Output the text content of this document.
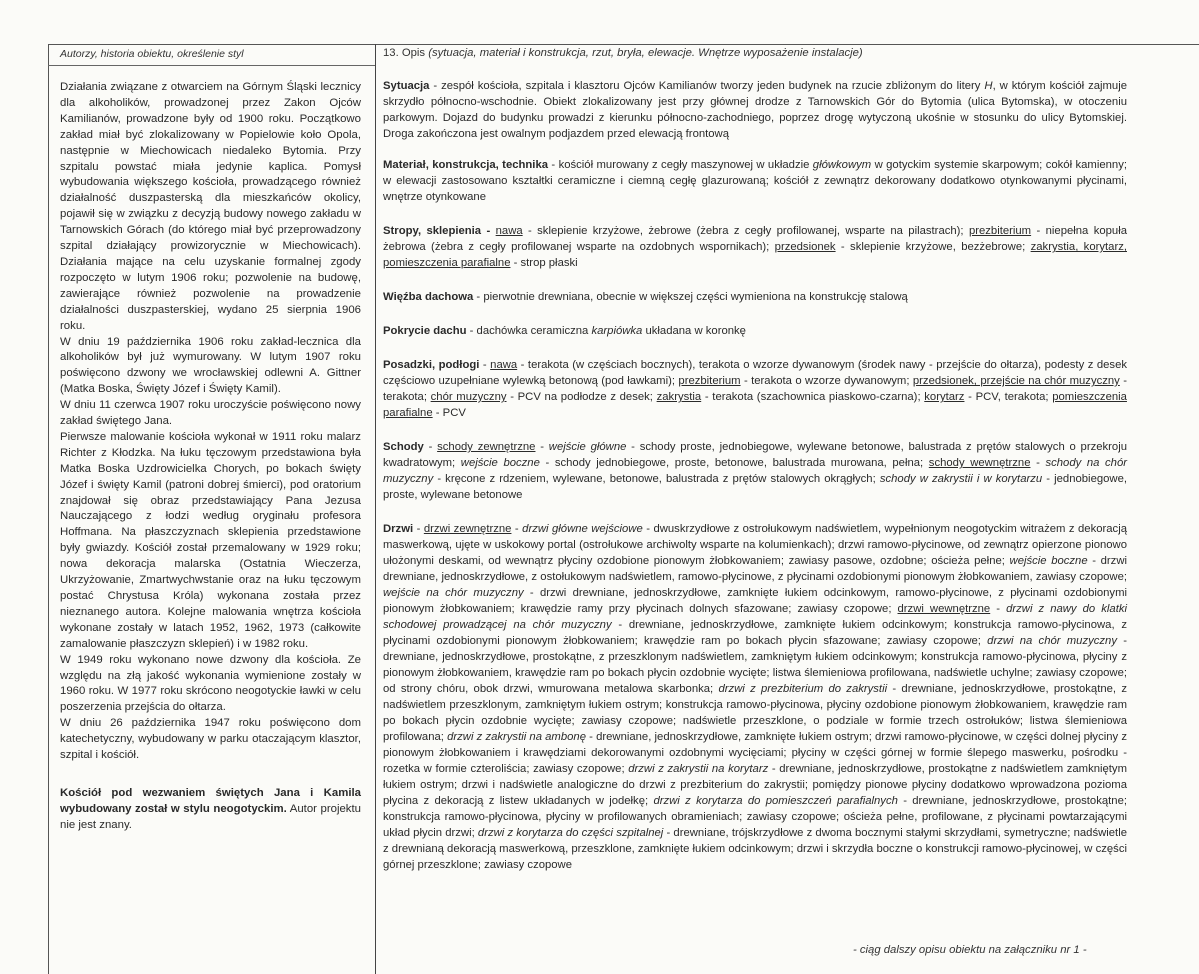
Autorzy, historia obiektu, określenie styl

Działania związane z otwarciem na Górnym Śląski lecznicy dla alkoholików, prowadzonej przez Zakon Ojców Kamilianów, prowadzone były od 1900 roku. Początkowo zakład miał być zlokalizowany w Popielowie koło Opola, następnie w Miechowicach niedaleko Bytomia. Przy szpitalu powstać miała jedynie kaplica. Pomysł wybudowania większego kościoła, prowadzącego również działalność duszpasterską dla mieszkańców okolicy, pojawił się w związku z decyzją budowy nowego zakładu w Tarnowskich Górach (do którego miał być przeprowadzony szpital działający prowizorycznie w Miechowicach). Działania mające na celu uzyskanie formalnej zgody rozpoczęto w lutym 1906 roku; pozwolenie na budowę, zawierające również pozwolenie na prowadzenie działalności duszpasterskiej, wydano 25 sierpnia 1906 roku.

W dniu 19 października 1906 roku zakład-lecznica dla alkoholików był już wymurowany. W lutym 1907 roku poświęcono dzwony we wrocławskiej odlewni A. Gittner (Matka Boska, Święty Józef i Święty Kamil).

W dniu 11 czerwca 1907 roku uroczyście poświęcono nowy zakład świętego Jana.

Pierwsze malowanie kościoła wykonał w 1911 roku malarz Richter z Kłodzka. Na łuku tęczowym przedstawiona była Matka Boska Uzdrowicielka Chorych, po bokach święty Józef i święty Kamil (patroni dobrej śmierci), pod oratorium znajdował się obraz przedstawiający Pana Jezusa Nauczającego z łodzi według oryginału profesora Hoffmana. Na płaszczyznach sklepienia przedstawione były gwiazdy. Kościół został przemalowany w 1929 roku; nowa dekoracja malarska (Ostatnia Wieczerza, Ukrzyżowanie, Zmartwychwstanie oraz na łuku tęczowym postać Chrystusa Króla) wykonana została przez nieznanego autora. Kolejne malowania wnętrza kościoła wykonane zostały w latach 1952, 1962, 1973 (całkowite zamalowanie płaszczyzn sklepień) i w 1982 roku.

W 1949 roku wykonano nowe dzwony dla kościoła. Ze względu na złą jakość wykonania wymienione zostały w 1960 roku. W 1977 roku skrócono neogotyckie ławki w celu poszerzenia przejścia do ołtarza.

W dniu 26 października 1947 roku poświęcono dom katechetyczny, wybudowany w parku otaczającym klasztor, szpital i kościół.

Kościół pod wezwaniem świętych Jana i Kamila wybudowany został w stylu neogotyckim. Autor projektu nie jest znany.

13. Opis (sytuacja, materiał i konstrukcja, rzut, bryła, elewacje. Wnętrze wyposażenie instalacje)

Sytuacja - zespół kościoła, szpitala i klasztoru Ojców Kamilianów tworzy jeden budynek na rzucie zbliżonym do litery H, w którym kościół zajmuje skrzydło północno-wschodnie. Obiekt zlokalizowany jest przy głównej drodze z Tarnowskich Gór do Bytomia (ulica Bytomska), w otoczeniu parkowym. Dojazd do budynku prowadzi z kierunku północno-zachodniego, poprzez drogę wytyczoną ukośnie w stosunku do ulicy Bytomskiej. Droga zakończona jest owalnym podjazdem przed elewacją frontową

Materiał, konstrukcja, technika - kościół murowany z cegły maszynowej w układzie główkowym w gotyckim systemie skarpowym; cokół kamienny; w elewacji zastosowano kształtki ceramiczne i ciemną cegłę glazurowaną; kościół z zewnątrz dekorowany dodatkowo otynkowanymi płycinami, wnętrze otynkowane

Stropy, sklepienia - nawa - sklepienie krzyżowe, żebrowe (żebra z cegły profilowanej, wsparte na pilastrach); prezbiterium - niepełna kopuła żebrowa (żebra z cegły profilowanej wsparte na ozdobnych wspornikach); przedsionek - sklepienie krzyżowe, bezżebrowe; zakrystia, korytarz, pomieszczenia parafialne - strop płaski

Więźba dachowa - pierwotnie drewniana, obecnie w większej części wymieniona na konstrukcję stalową

Pokrycie dachu - dachówka ceramiczna karpiówka układana w koronkę

Posadzki, podłogi - nawa - terakota (w częściach bocznych), terakota o wzorze dywanowym (środek nawy - przejście do ołtarza), podesty z desek częściowo uzupełniane wylewką betonową (pod ławkami); prezbiterium - terakota o wzorze dywanowym; przedsionek, przejście na chór muzyczny - terakota; chór muzyczny - PCV na podłodze z desek; zakrystia - terakota (szachownica piaskowo-czarna); korytarz - PCV, terakota; pomieszczenia parafialne - PCV

Schody - schody zewnętrzne - wejście główne - schody proste, jednobiegowe, wylewane betonowe, balustrada z prętów stalowych o przekroju kwadratowym; wejście boczne - schody jednobiegowe, proste, betonowe, balustrada murowana, pełna; schody wewnętrzne - schody na chór muzyczny - kręcone z rdzeniem, wylewane, betonowe, balustrada z prętów stalowych okrągłych; schody w zakrystii i w korytarzu - jednobiegowe, proste, wylewane betonowe

Drzwi - drzwi zewnętrzne - drzwi główne wejściowe - dwuskrzydłowe z ostrołukowym nadświetlem, wypełnionym neogotyckim witrażem z dekoracją maswerkową, ujęte w uskokowy portal (ostrołukowe archiwolty wsparte na kolumienkach); drzwi ramowo-płycinowe, od zewnątrz opierzone pionowo ułożonymi deskami, od wewnątrz płyciny ozdobione pionowym żłobkowaniem; zawiasy pasowe, ozdobne; ościeża pełne; wejście boczne - drzwi drewniane, jednoskrzydłowe, z ostołukowym nadświetlem, ramowo-płycinowe, z płycinami ozdobionymi pionowym żłobkowaniem, zawiasy czopowe; wejście na chór muzyczny - drzwi drewniane, jednoskrzydłowe, zamknięte łukiem odcinkowym, ramowo-płycinowe, z płycinami ozdobionymi pionowym żłobkowaniem; krawędzie ramy przy płycinach dolnych sfazowane; zawiasy czopowe; drzwi wewnętrzne - drzwi z nawy do klatki schodowej prowadzącej na chór muzyczny - drewniane, jednoskrzydłowe, zamknięte łukiem odcinkowym; konstrukcja ramowo-płycinowa, z płycinami ozdobionymi pionowym żłobkowaniem; krawędzie ram po bokach płycin sfazowane; zawiasy czopowe; drzwi na chór muzyczny - drewniane, jednoskrzydłowe, prostokątne, z przeszklonym nadświetlem, zamkniętym łukiem odcinkowym; konstrukcja ramowo-płycinowa, płyciny z pionowym żłobkowaniem, krawędzie ram po bokach płycin ozdobnie wycięte; listwa ślemieniowa profilowana, nadświetle uchylne; zawiasy czopowe; od strony chóru, obok drzwi, wmurowana metalowa skarbonka; drzwi z prezbiterium do zakrystii - drewniane, jednoskrzydłowe, prostokątne, z nadświetlem przeszklonym, zamkniętym łukiem ostrym; konstrukcja ramowo-płycinowa, płyciny ozdobione pionowym żłobkowaniem, krawędzie ram po bokach płycin ozdobnie wycięte; zawiasy czopowe; nadświetle przeszklone, o podziale w formie trzech ostrołuków; listwa ślemieniowa profilowana; drzwi z zakrystii na ambonę - drewniane, jednoskrzydłowe, zamknięte łukiem ostrym; drzwi ramowo-płycinowe, w części dolnej płyciny z pionowym żłobkowaniem i krawędziami dekorowanymi ozdobnymi wycięciami; płyciny w części górnej w formie ślepego maswerku, pośrodku - rozetka w formie czteroliścia; zawiasy czopowe; drzwi z zakrystii na korytarz - drewniane, jednoskrzydłowe, prostokątne z nadświetlem zamkniętym łukiem ostrym; drzwi i nadświetle analogiczne do drzwi z prezbiterium do zakrystii; pomiędzy pionowe płyciny dodatkowo wprowadzona pozioma płycina z dekoracją z listew układanych w jodełkę; drzwi z korytarza do pomieszczeń parafialnych - drewniane, jednoskrzydłowe, prostokątne; konstrukcja ramowo-płycinowa, płyciny w profilowanych obramieniach; zawiasy czopowe; ościeża pełne, profilowane, z płycinami powtarzającymi układ płycin drzwi; drzwi z korytarza do części szpitalnej - drewniane, trójskrzydłowe z dwoma bocznymi stałymi skrzydłami, symetryczne; nadświetle z drewnianą dekoracją maswerkową, przeszklone, zamknięte łukiem odcinkowym; drzwi i skrzydła boczne o konstrukcji ramowo-płycinowej, w części górnej przeszklone; zawiasy czopowe

- ciąg dalszy opisu obiektu na załączniku nr 1 -
